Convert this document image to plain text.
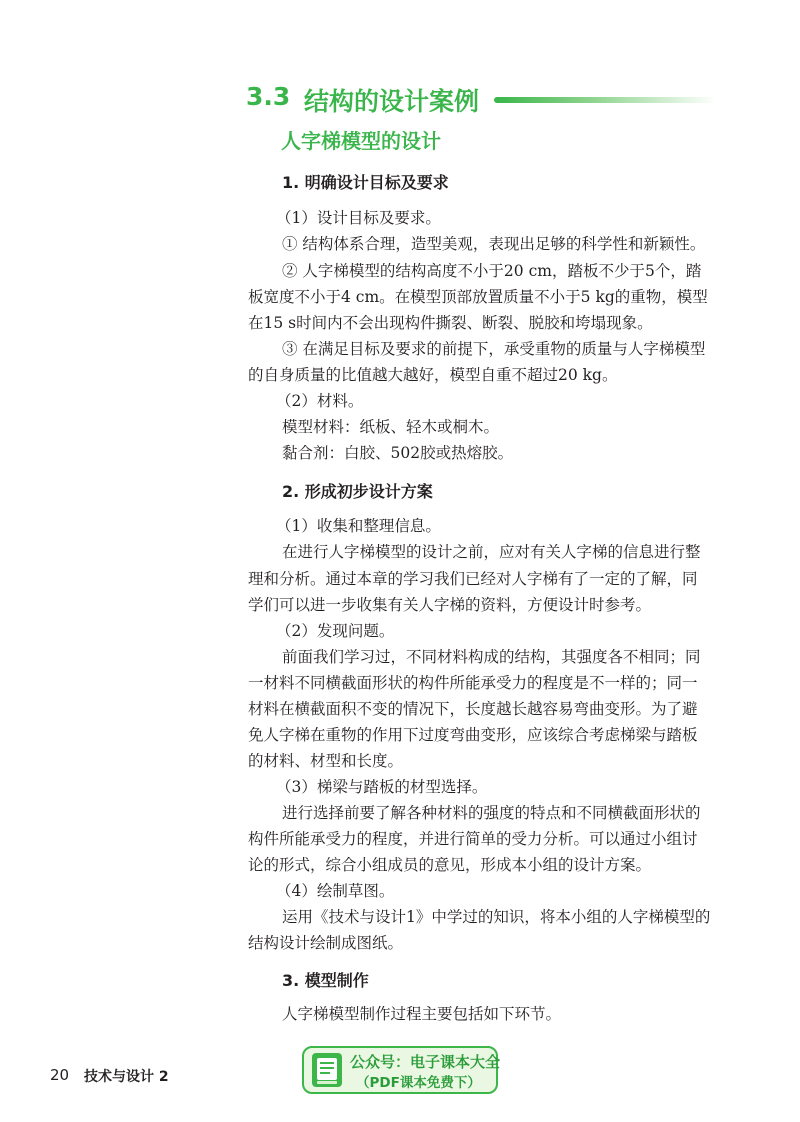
3.3 结构的设计案例
人字梯模型的设计
1. 明确设计目标及要求
（1）设计目标及要求。
① 结构体系合理，造型美观，表现出足够的科学性和新颖性。
② 人字梯模型的结构高度不小于20 cm，踏板不少于5个，踏
板宽度不小于4 cm。在模型顶部放置质量不小于5 kg的重物，模型
在15 s时间内不会出现构件撕裂、断裂、脱胶和垮塌现象。
③ 在满足目标及要求的前提下，承受重物的质量与人字梯模型
的自身质量的比值越大越好，模型自重不超过20 kg。
（2）材料。
模型材料：纸板、轻木或桐木。
黏合剂：白胶、502胶或热熔胶。
2. 形成初步设计方案
（1）收集和整理信息。
在进行人字梯模型的设计之前，应对有关人字梯的信息进行整
理和分析。通过本章的学习我们已经对人字梯有了一定的了解，同
学们可以进一步收集有关人字梯的资料，方便设计时参考。
（2）发现问题。
前面我们学习过，不同材料构成的结构，其强度各不相同；同
一材料不同横截面形状的构件所能承受力的程度是不一样的；同一
材料在横截面积不变的情况下，长度越长越容易弯曲变形。为了避
免人字梯在重物的作用下过度弯曲变形，应该综合考虑梯梁与踏板
的材料、材型和长度。
（3）梯梁与踏板的材型选择。
进行选择前要了解各种材料的强度的特点和不同横截面形状的
构件所能承受力的程度，并进行简单的受力分析。可以通过小组讨
论的形式，综合小组成员的意见，形成本小组的设计方案。
（4）绘制草图。
运用《技术与设计1》中学过的知识，将本小组的人字梯模型的
结构设计绘制成图纸。
3. 模型制作
人字梯模型制作过程主要包括如下环节。
20 技术与设计 2
公众号：电子课本大全
（PDF课本免费下）
